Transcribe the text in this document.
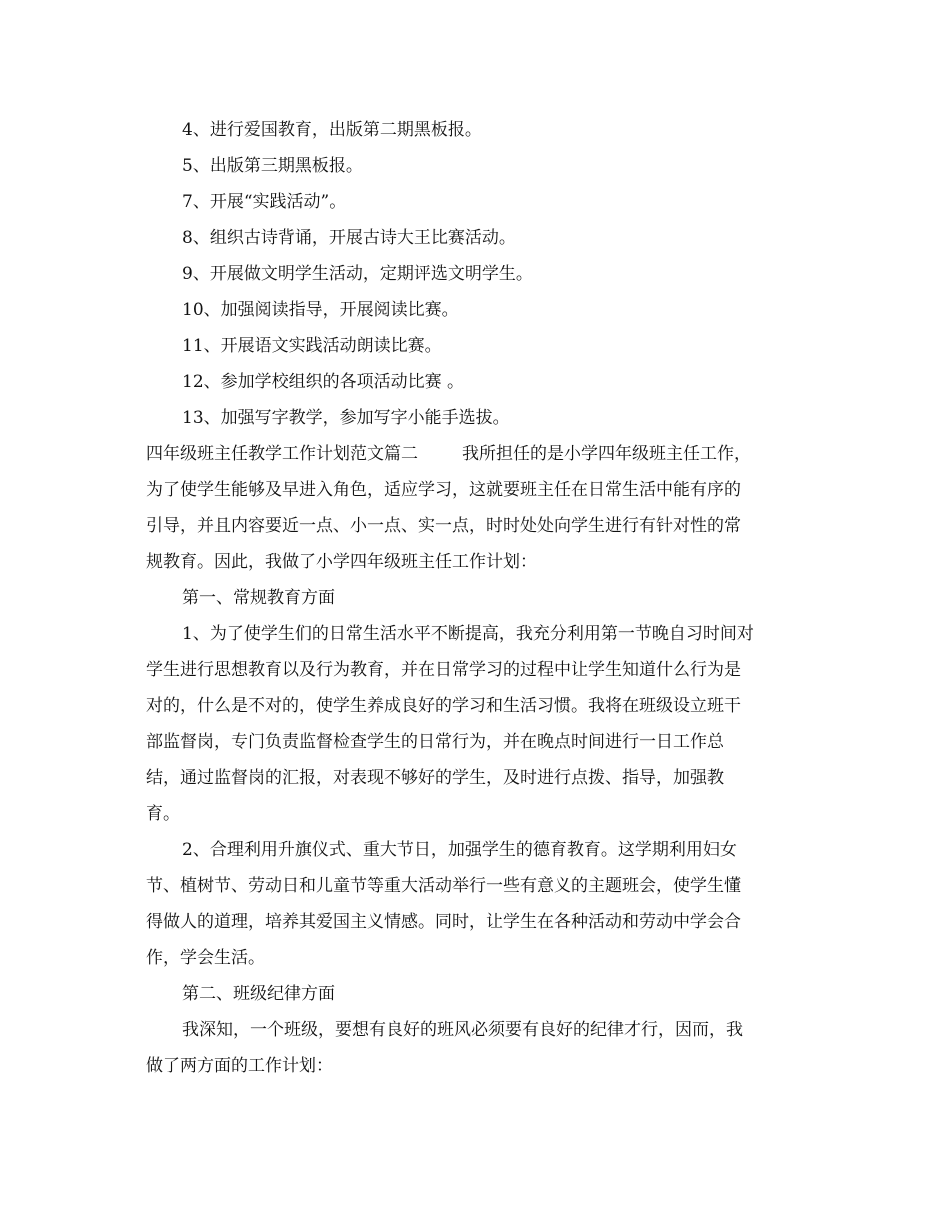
4、进行爱国教育，出版第二期黑板报。
5、出版第三期黑板报。
7、开展“实践活动”。
8、组织古诗背诵，开展古诗大王比赛活动。
9、开展做文明学生活动，定期评选文明学生。
10、加强阅读指导，开展阅读比赛。
11、开展语文实践活动朗读比赛。
12、参加学校组织的各项活动比赛 。
13、加强写字教学，参加写字小能手选拔。
四年级班主任教学工作计划范文篇二	我所担任的是小学四年级班主任工作，
为了使学生能够及早进入角色，适应学习，这就要班主任在日常生活中能有序的
引导，并且内容要近一点、小一点、实一点，时时处处向学生进行有针对性的常
规教育。因此，我做了小学四年级班主任工作计划：
第一、常规教育方面
1、为了使学生们的日常生活水平不断提高，我充分利用第一节晚自习时间对
学生进行思想教育以及行为教育，并在日常学习的过程中让学生知道什么行为是
对的，什么是不对的，使学生养成良好的学习和生活习惯。我将在班级设立班干
部监督岗，专门负责监督检查学生的日常行为，并在晚点时间进行一日工作总
结，通过监督岗的汇报，对表现不够好的学生，及时进行点拨、指导，加强教
育。
2、合理利用升旗仪式、重大节日，加强学生的德育教育。这学期利用妇女
节、植树节、劳动日和儿童节等重大活动举行一些有意义的主题班会，使学生懂
得做人的道理，培养其爱国主义情感。同时，让学生在各种活动和劳动中学会合
作，学会生活。
第二、班级纪律方面
我深知，一个班级，要想有良好的班风必须要有良好的纪律才行，因而，我
做了两方面的工作计划：
